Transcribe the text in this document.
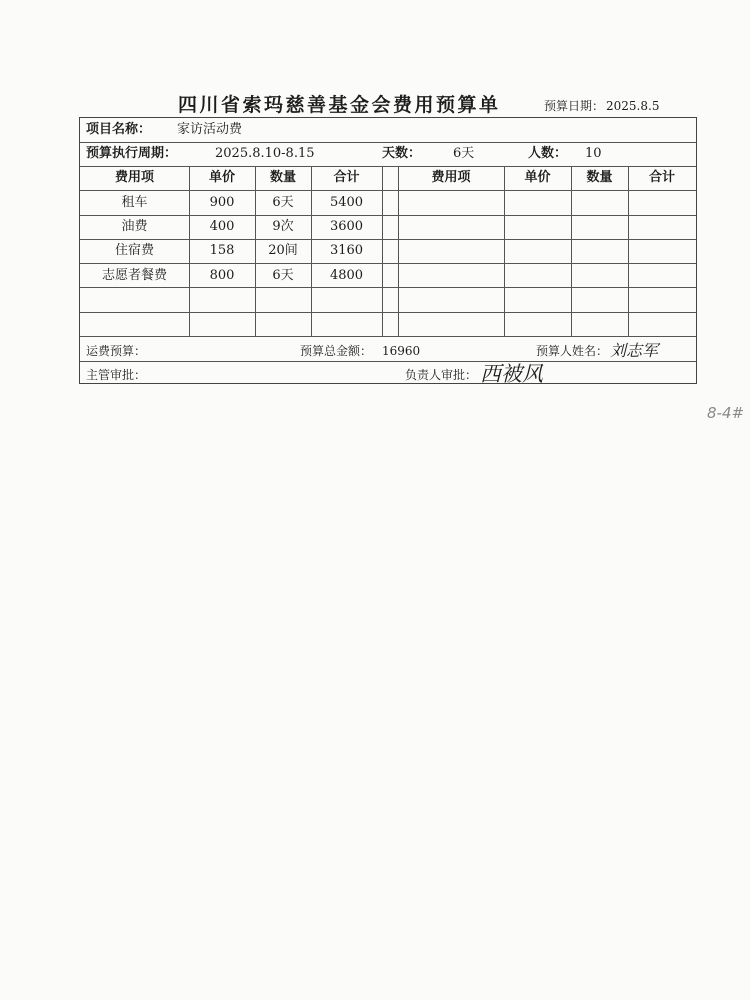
四川省索玛慈善基金会费用预算单	预算日期： 2025.8.5
项目名称： 家访活动费
预算执行周期：	2025.8.10-8.15	天数： 6天	人数： 10
费用项	单价	数量	合计	费用项	单价	数量	合计
租车	900	6天	5400
油费	400	9次	3600
住宿费	158	20间	3160
志愿者餐费	800	6天	4800
运费预算：	预算总金额： 16960	预算人姓名： 刘志军
主管审批：	负责人审批： 西被风
8-4#
